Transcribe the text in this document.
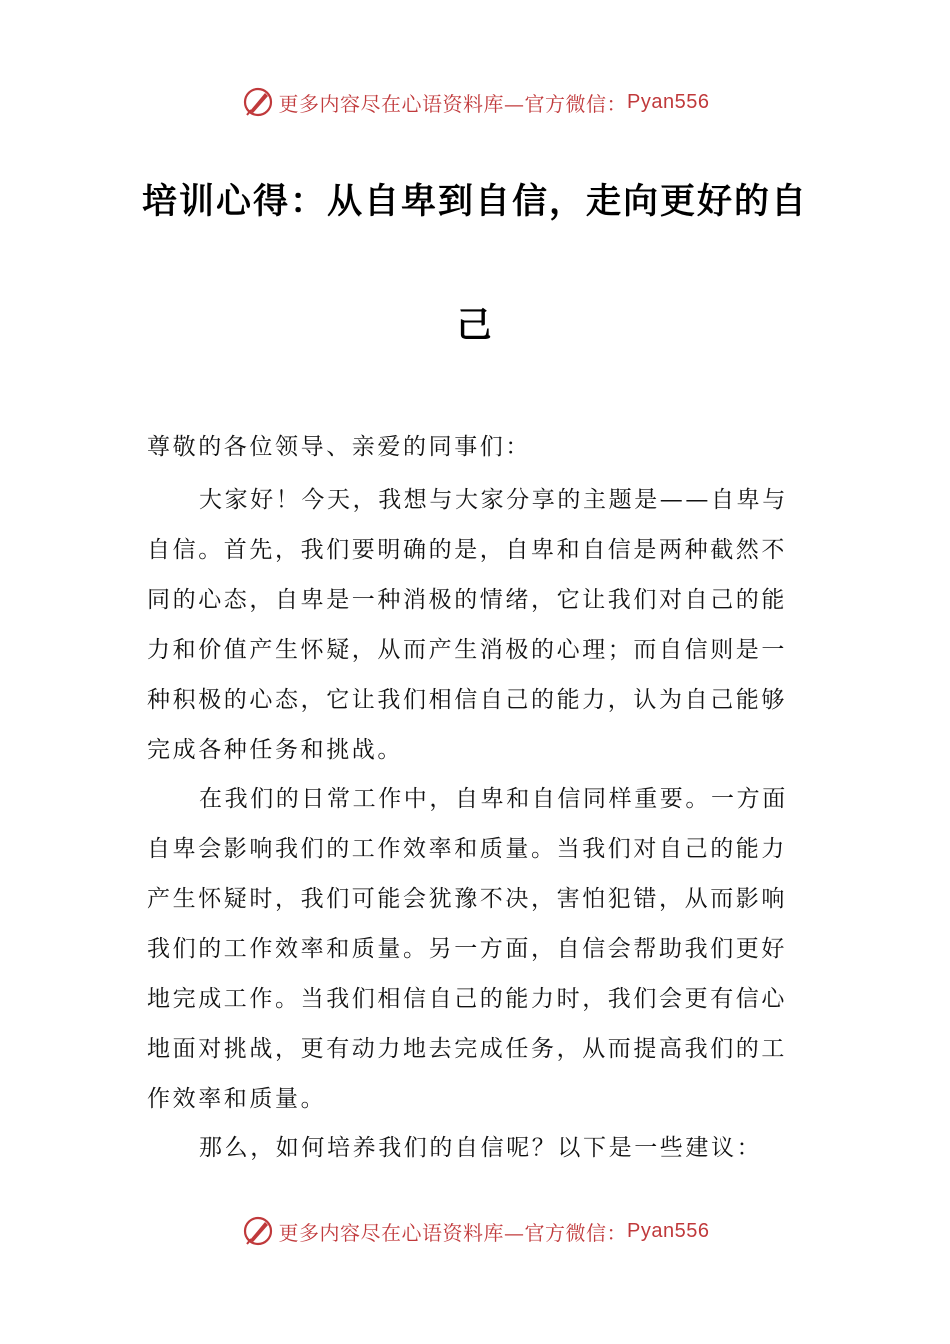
更多内容尽在心语资料库—官方微信： Pyan556
培训心得：从自卑到自信，走向更好的自
己
尊敬的各位领导、亲爱的同事们：
大家好！今天，我想与大家分享的主题是——自卑与
自信。首先，我们要明确的是，自卑和自信是两种截然不
同的心态，自卑是一种消极的情绪，它让我们对自己的能
力和价值产生怀疑，从而产生消极的心理；而自信则是一
种积极的心态，它让我们相信自己的能力，认为自己能够
完成各种任务和挑战。
在我们的日常工作中，自卑和自信同样重要。一方面
自卑会影响我们的工作效率和质量。当我们对自己的能力
产生怀疑时，我们可能会犹豫不决，害怕犯错，从而影响
我们的工作效率和质量。另一方面，自信会帮助我们更好
地完成工作。当我们相信自己的能力时，我们会更有信心
地面对挑战，更有动力地去完成任务，从而提高我们的工
作效率和质量。
那么，如何培养我们的自信呢？以下是一些建议：
更多内容尽在心语资料库—官方微信： Pyan556
